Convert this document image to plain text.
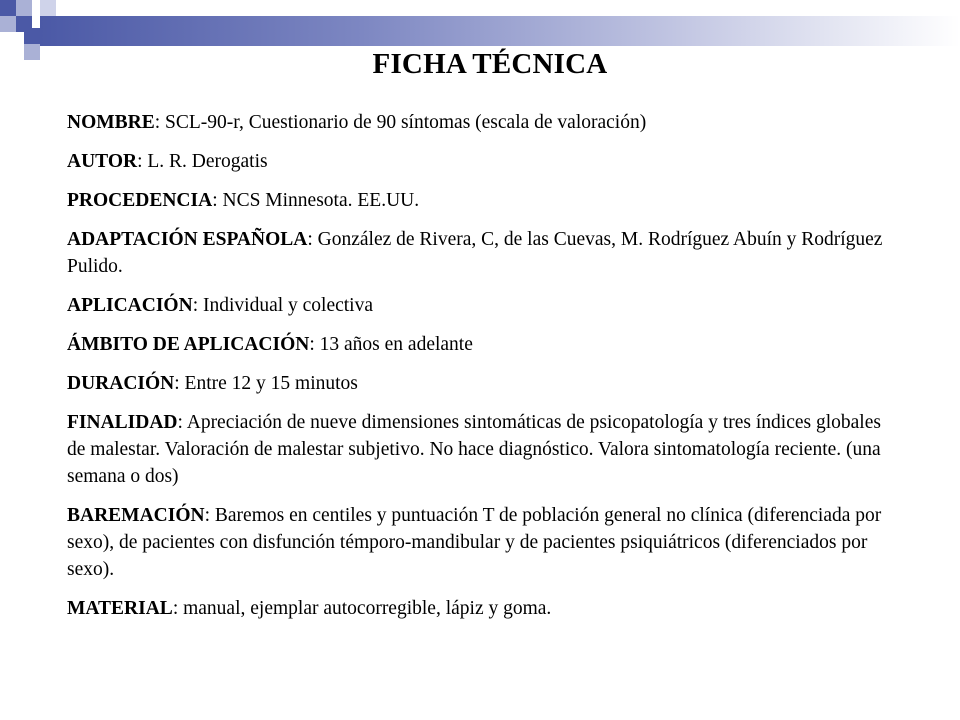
FICHA TÉCNICA
NOMBRE: SCL-90-r, Cuestionario de 90 síntomas (escala de valoración)
AUTOR: L. R. Derogatis
PROCEDENCIA: NCS Minnesota. EE.UU.
ADAPTACIÓN ESPAÑOLA: González de Rivera, C, de las Cuevas, M. Rodríguez Abuín y Rodríguez Pulido.
APLICACIÓN: Individual y colectiva
ÁMBITO DE APLICACIÓN: 13 años en adelante
DURACIÓN: Entre 12 y 15 minutos
FINALIDAD: Apreciación de nueve dimensiones sintomáticas de psicopatología y tres índices globales de malestar. Valoración de malestar subjetivo. No hace diagnóstico. Valora sintomatología reciente. (una semana o dos)
BAREMACIÓN: Baremos en centiles y puntuación T de población general no clínica (diferenciada por sexo), de pacientes con disfunción témporo-mandibular y de pacientes psiquiátricos (diferenciados por sexo).
MATERIAL: manual, ejemplar autocorregible, lápiz y goma.
